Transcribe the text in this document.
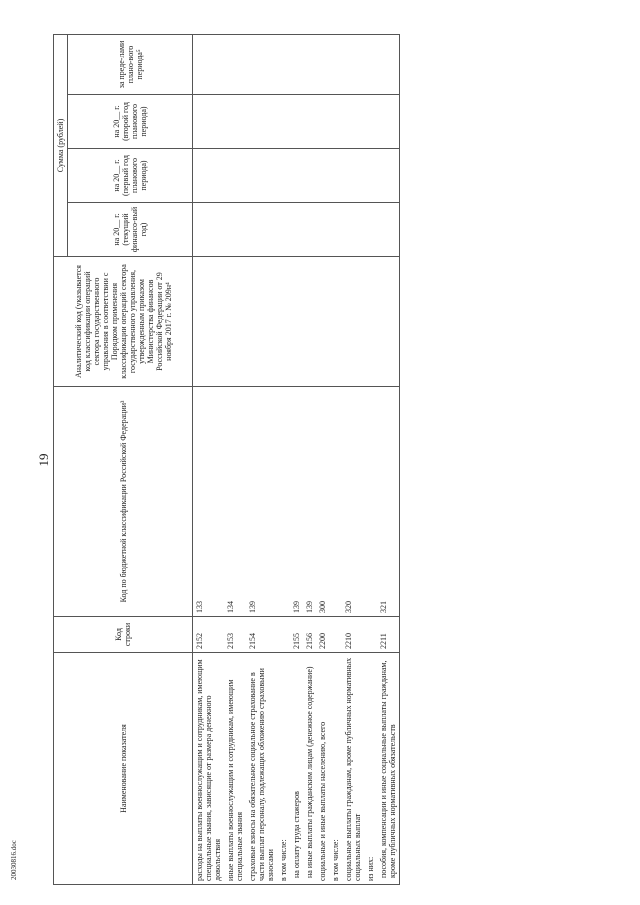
20030816.doc
19
Наименование показателя	Код строки	Код по бюджетной классификации Российской Федерации³	Аналитический код (указывается код классификации операций сектора государственного управления в соответствии с Порядком применения классификации операций сектора государственного управления, утвержденным приказом Министерства финансов Российской Федерации от 29 ноября 2017 г. № 209н⁴	Сумма (рублей)			
				на 20__ г. (текущий финансо-вый год)	на 20__ г. (первый год планового периода)	на 20__ г. (второй год планового периода)	за преде-лами плано-вого периода⁵
расходы на выплаты военнослужащим и сотрудникам, имеющим специальные звания, зависящие от размера денежного довольствия	2152	133					
иные выплаты военнослужащим и сотрудникам, имеющим специальные звания	2153	134					
страховые взносы на обязательное социальное страхование в части выплат персоналу, подлежащих обложению страховыми взносами	2154	139					
в том числе:							
на оплату труда стажеров	2155	139					
на иные выплаты гражданским лицам (денежное содержание)	2156	139					
социальные и иные выплаты населению, всего	2200	300					
в том числе:							
социальные выплаты гражданам, кроме публичных нормативных социальных выплат	2210	320					
из них:							
пособия, компенсации и иные социальные выплаты гражданам, кроме публичных нормативных обязательств	2211	321					
